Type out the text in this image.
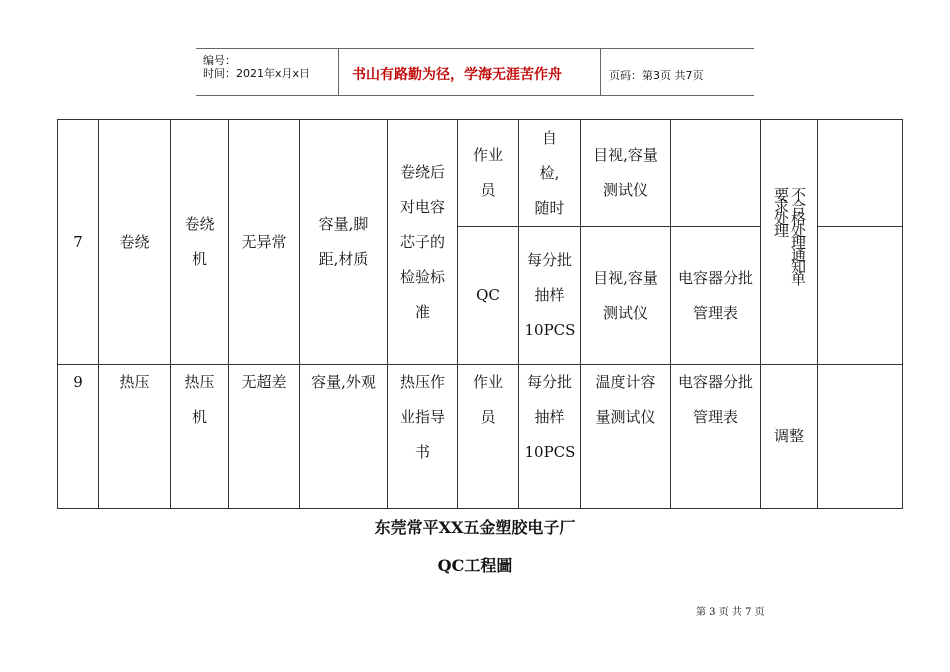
编号：
时间：2021年x月x日	书山有路勤为径，学海无涯苦作舟	页码：第3页 共7页
7	卷绕	卷绕机	无异常	容量,脚距,材质	卷绕后对电容芯子的检验标准	作业员	自检,随时	目视,容量测试仪		不合格处理通知单要求处理	
						QC	每分批抽样10PCS	目视,容量测试仪	电容器分批管理表		

9	热压	热压机	无超差	容量,外观	热压作业指导书	作业员	每分批抽样10PCS	温度计容量测试仪	电容器分批管理表	调整	
东莞常平XX五金塑胶电子厂
QC工程圖
第 3 页 共 7 页
